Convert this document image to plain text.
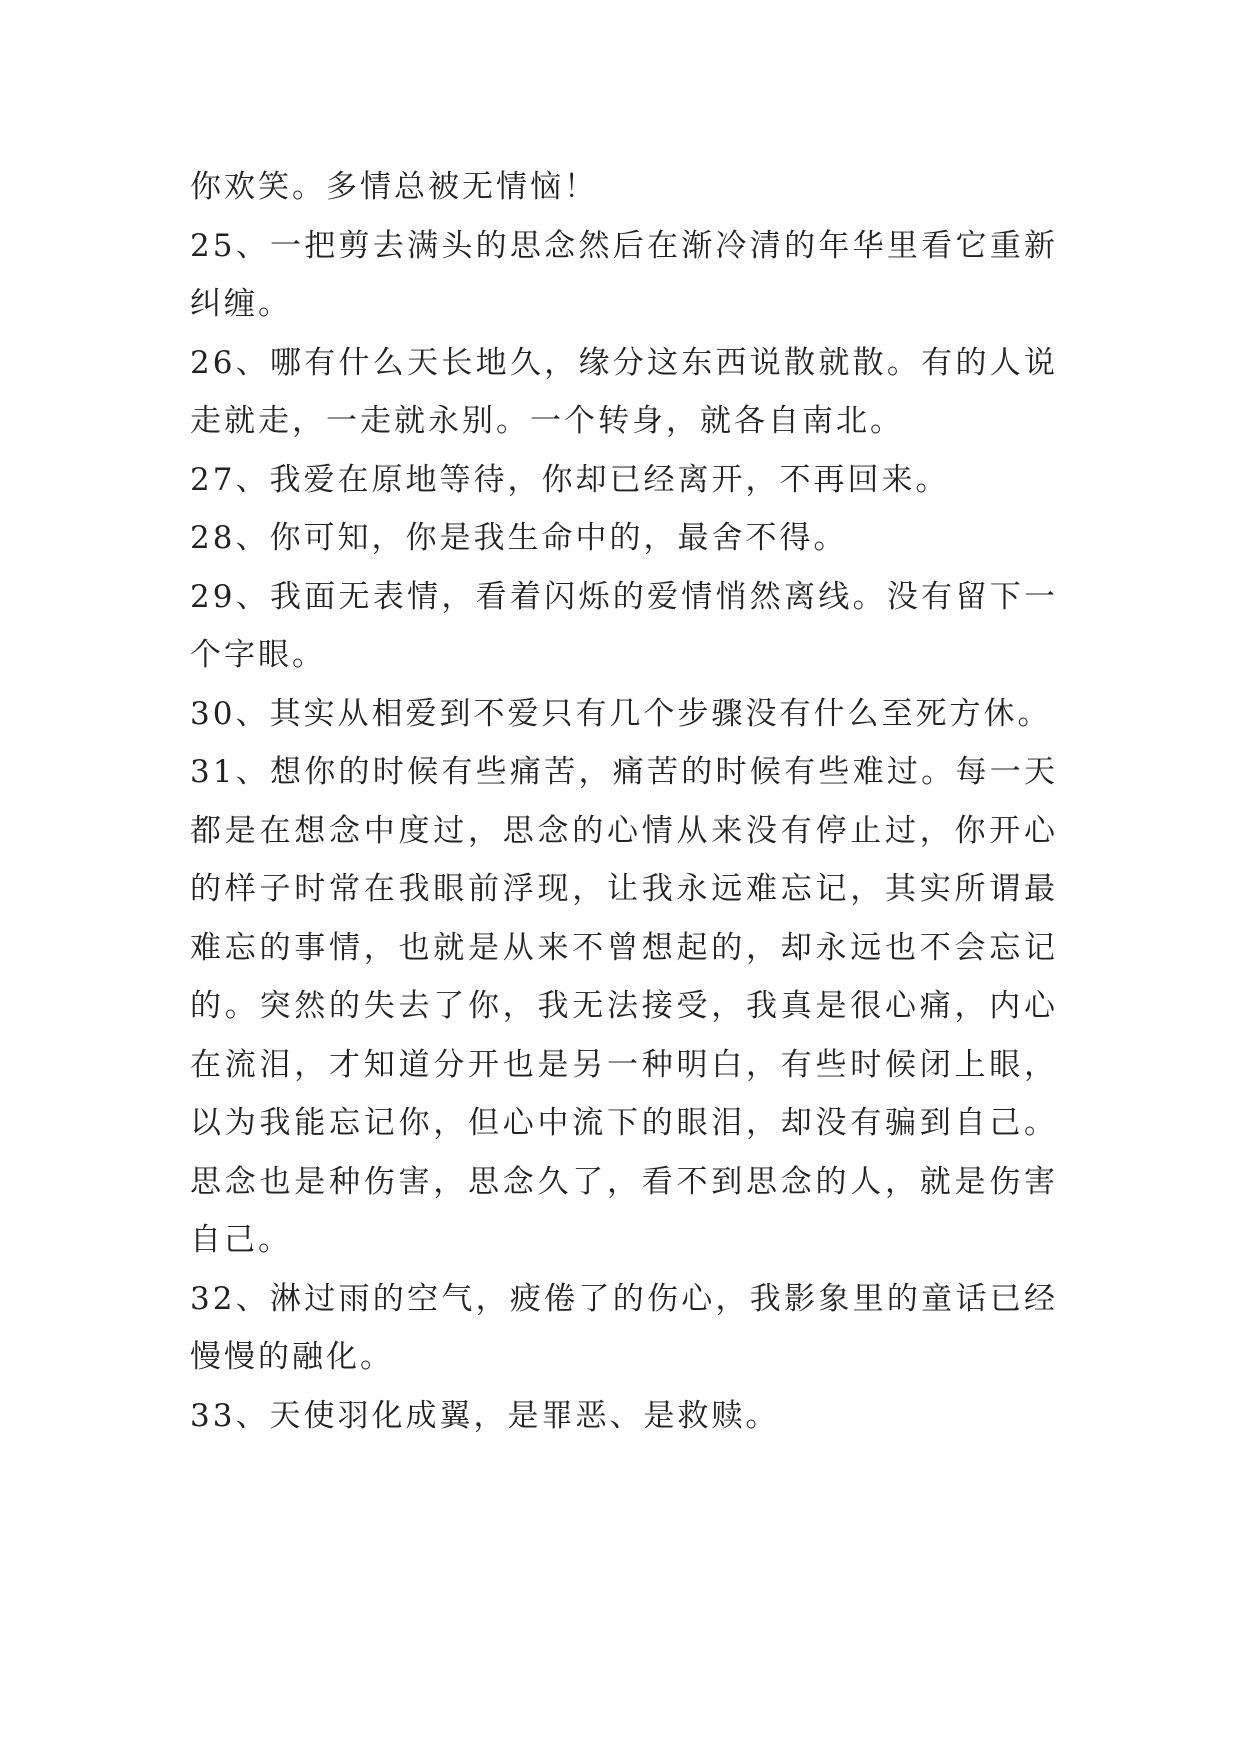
你欢笑。多情总被无情恼！

25、一把剪去满头的思念然后在渐冷清的年华里看它重新纠缠。

26、哪有什么天长地久，缘分这东西说散就散。有的人说走就走，一走就永别。一个转身，就各自南北。

27、我爱在原地等待，你却已经离开，不再回来。

28、你可知，你是我生命中的，最舍不得。

29、我面无表情，看着闪烁的爱情悄然离线。没有留下一个字眼。

30、其实从相爱到不爱只有几个步骤没有什么至死方休。

31、想你的时候有些痛苦，痛苦的时候有些难过。每一天都是在想念中度过，思念的心情从来没有停止过，你开心的样子时常在我眼前浮现，让我永远难忘记，其实所谓最难忘的事情，也就是从来不曾想起的，却永远也不会忘记的。突然的失去了你，我无法接受，我真是很心痛，内心在流泪，才知道分开也是另一种明白，有些时候闭上眼，以为我能忘记你，但心中流下的眼泪，却没有骗到自己。思念也是种伤害，思念久了，看不到思念的人，就是伤害自己。

32、淋过雨的空气，疲倦了的伤心，我影象里的童话已经慢慢的融化。

33、天使羽化成翼，是罪恶、是救赎。
